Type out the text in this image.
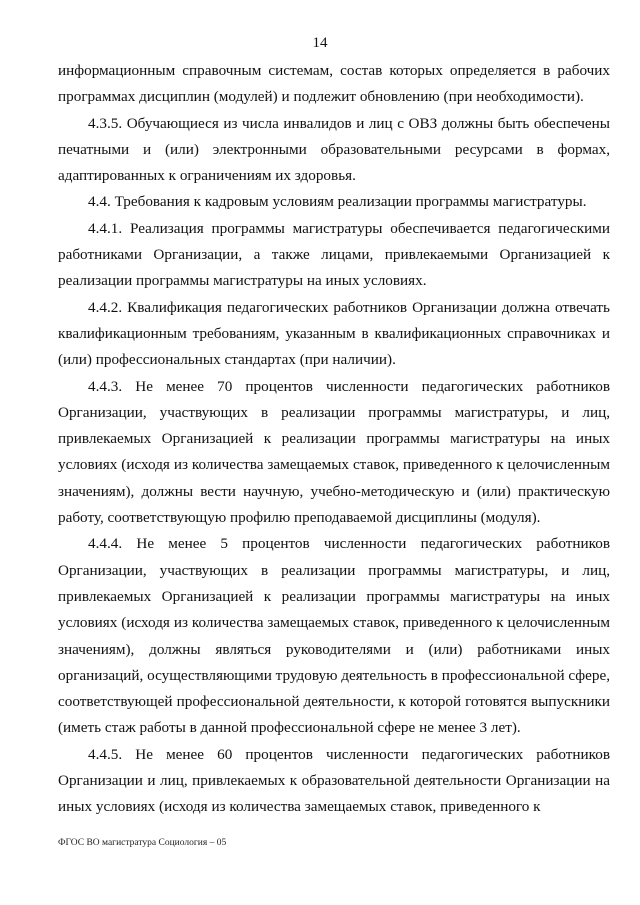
14

информационным справочным системам, состав которых определяется в рабочих программах дисциплин (модулей) и подлежит обновлению (при необходимости).

4.3.5. Обучающиеся из числа инвалидов и лиц с ОВЗ должны быть обеспечены печатными и (или) электронными образовательными ресурсами в формах, адаптированных к ограничениям их здоровья.

4.4. Требования к кадровым условиям реализации программы магистратуры.

4.4.1. Реализация программы магистратуры обеспечивается педагогическими работниками Организации, а также лицами, привлекаемыми Организацией к реализации программы магистратуры на иных условиях.

4.4.2. Квалификация педагогических работников Организации должна отвечать квалификационным требованиям, указанным в квалификационных справочниках и (или) профессиональных стандартах (при наличии).

4.4.3. Не менее 70 процентов численности педагогических работников Организации, участвующих в реализации программы магистратуры, и лиц, привлекаемых Организацией к реализации программы магистратуры на иных условиях (исходя из количества замещаемых ставок, приведенного к целочисленным значениям), должны вести научную, учебно-методическую и (или) практическую работу, соответствующую профилю преподаваемой дисциплины (модуля).

4.4.4. Не менее 5 процентов численности педагогических работников Организации, участвующих в реализации программы магистратуры, и лиц, привлекаемых Организацией к реализации программы магистратуры на иных условиях (исходя из количества замещаемых ставок, приведенного к целочисленным значениям), должны являться руководителями и (или) работниками иных организаций, осуществляющими трудовую деятельность в профессиональной сфере, соответствующей профессиональной деятельности, к которой готовятся выпускники (иметь стаж работы в данной профессиональной сфере не менее 3 лет).

4.4.5. Не менее 60 процентов численности педагогических работников Организации и лиц, привлекаемых к образовательной деятельности Организации на иных условиях (исходя из количества замещаемых ставок, приведенного к

ФГОС ВО магистратура Социология – 05
